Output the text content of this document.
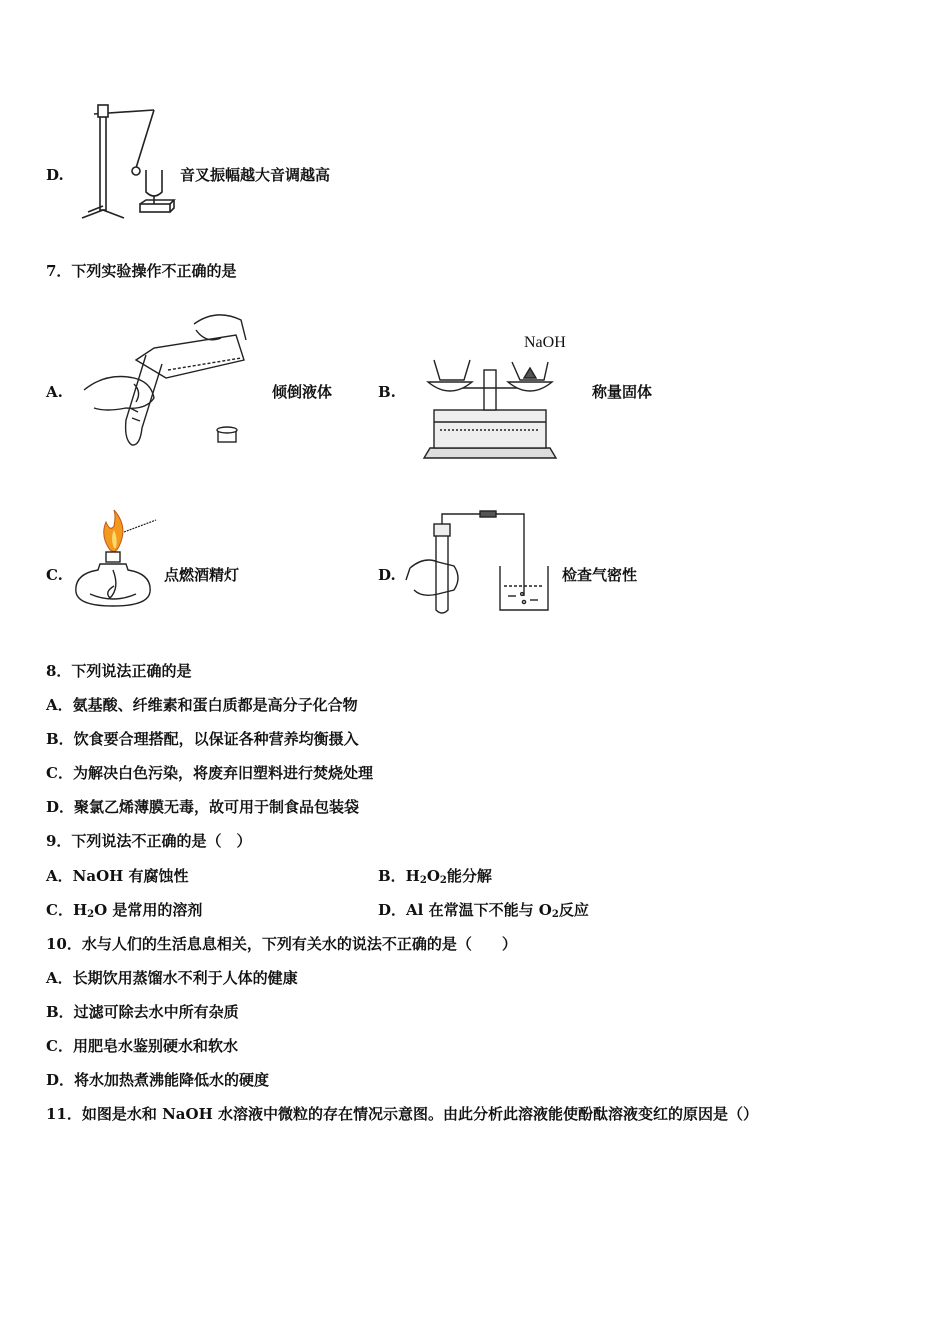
D.	音叉振幅越大音调越高
7．下列实验操作不正确的是
A.	倾倒液体	B.
NaOH
称量固体
C.	点燃酒精灯	D.	检查气密性
8．下列说法正确的是
A．氨基酸、纤维素和蛋白质都是高分子化合物
B．饮食要合理搭配，以保证各种营养均衡摄入
C．为解决白色污染，将废弃旧塑料进行焚烧处理
D．聚氯乙烯薄膜无毒，故可用于制食品包装袋
9．下列说法不正确的是（　）
A．NaOH 有腐蚀性	B．$H_2O_2$能分解
C．$H_2O$ 是常用的溶剂	D．Al 在常温下不能与 $O_2$反应
10．水与人们的生活息息相关，下列有关水的说法不正确的是（　　）
A．长期饮用蒸馏水不利于人体的健康
B．过滤可除去水中所有杂质
C．用肥皂水鉴别硬水和软水
D．将水加热煮沸能降低水的硬度
11．如图是水和 NaOH 水溶液中微粒的存在情况示意图。由此分析此溶液能使酚酞溶液变红的原因是（）
